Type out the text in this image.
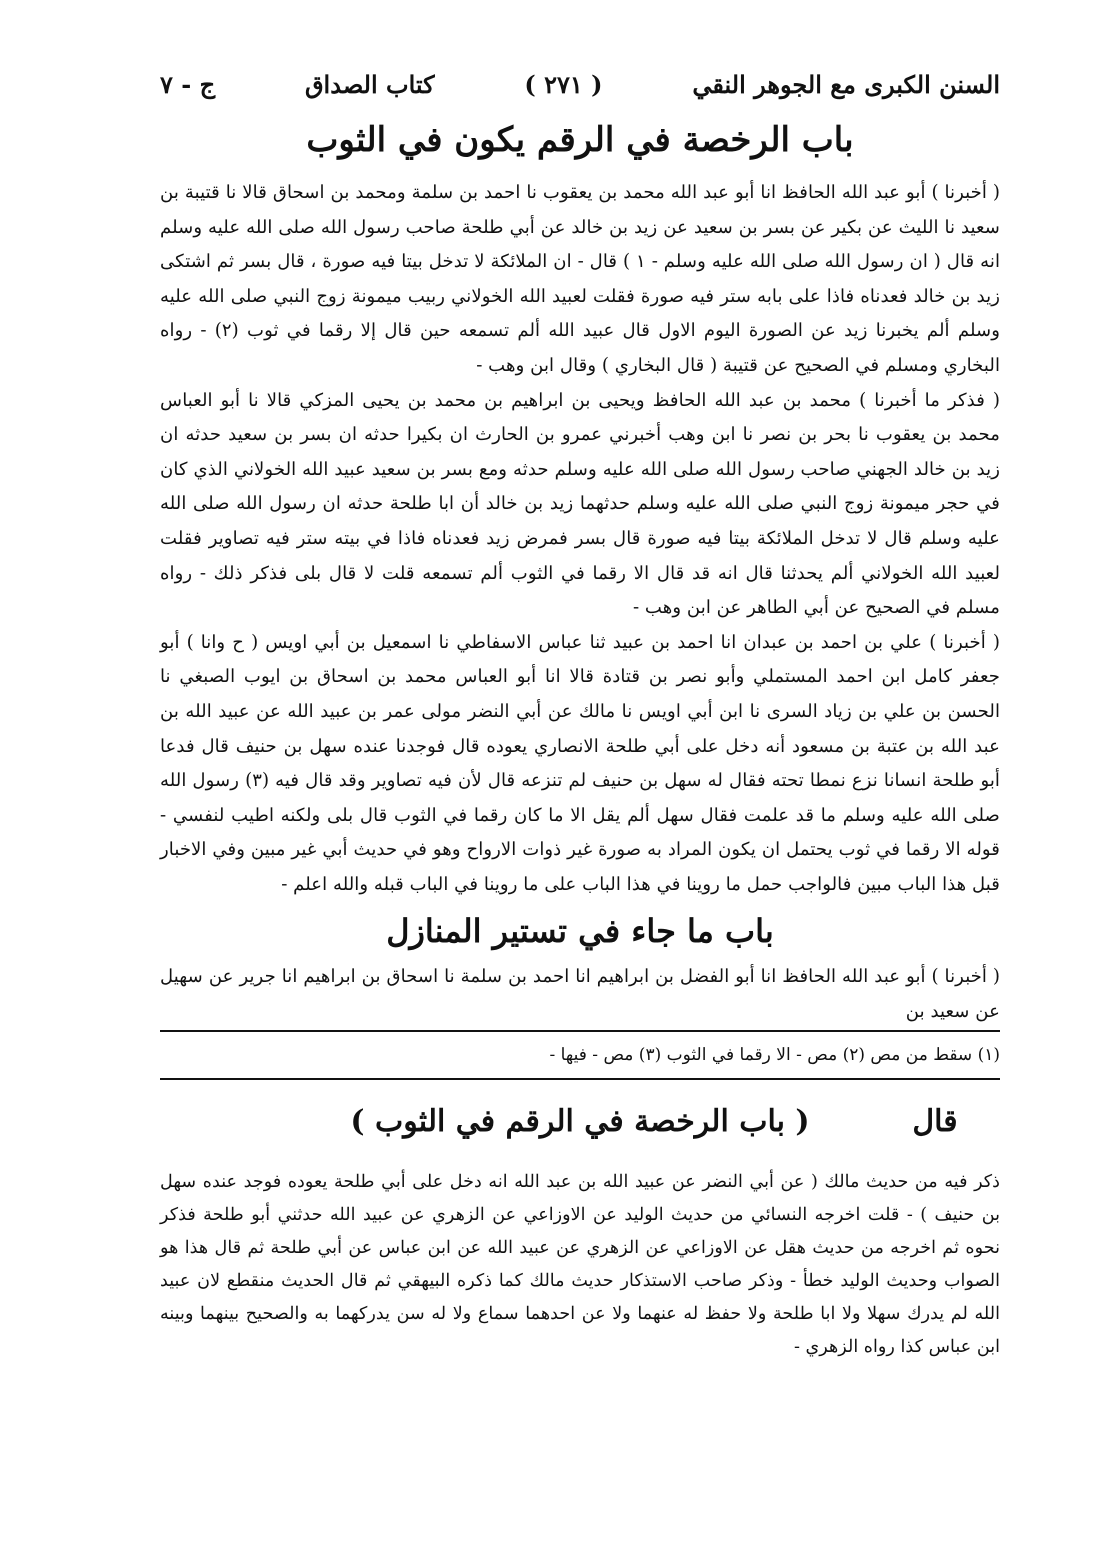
السنن الكبرى مع الجوهر النقي
( ٢٧١ )
كتاب الصداق
ج - ٧
باب الرخصة في الرقم يكون في الثوب

( أخبرنا ) أبو عبد الله الحافظ انا أبو عبد الله محمد بن يعقوب نا احمد بن سلمة ومحمد بن اسحاق قالا نا قتيبة بن سعيد نا الليث عن بكير عن بسر بن سعيد عن زيد بن خالد عن أبي طلحة صاحب رسول الله صلى الله عليه وسلم انه قال ( ان رسول الله صلى الله عليه وسلم - ١ ) قال - ان الملائكة لا تدخل بيتا فيه صورة ، قال بسر ثم اشتكى زيد بن خالد فعدناه فاذا على بابه ستر فيه صورة فقلت لعبيد الله الخولاني ربيب ميمونة زوج النبي صلى الله عليه وسلم ألم يخبرنا زيد عن الصورة اليوم الاول قال عبيد الله ألم تسمعه حين قال إلا رقما في ثوب (٢) - رواه البخاري ومسلم في الصحيح عن قتيبة ( قال البخاري ) وقال ابن وهب -

( فذكر ما أخبرنا ) محمد بن عبد الله الحافظ ويحيى بن ابراهيم بن محمد بن يحيى المزكي قالا نا أبو العباس محمد بن يعقوب نا بحر بن نصر نا ابن وهب أخبرني عمرو بن الحارث ان بكيرا حدثه ان بسر بن سعيد حدثه ان زيد بن خالد الجهني صاحب رسول الله صلى الله عليه وسلم حدثه ومع بسر بن سعيد عبيد الله الخولاني الذي كان في حجر ميمونة زوج النبي صلى الله عليه وسلم حدثهما زيد بن خالد أن ابا طلحة حدثه ان رسول الله صلى الله عليه وسلم قال لا تدخل الملائكة بيتا فيه صورة قال بسر فمرض زيد فعدناه فاذا في بيته ستر فيه تصاوير فقلت لعبيد الله الخولاني ألم يحدثنا قال انه قد قال الا رقما في الثوب ألم تسمعه قلت لا قال بلى فذكر ذلك - رواه مسلم في الصحيح عن أبي الطاهر عن ابن وهب -

( أخبرنا ) علي بن احمد بن عبدان انا احمد بن عبيد ثنا عباس الاسفاطي نا اسمعيل بن أبي اويس ( ح وانا ) أبو جعفر كامل ابن احمد المستملي وأبو نصر بن قتادة قالا انا أبو العباس محمد بن اسحاق بن ايوب الصبغي نا الحسن بن علي بن زياد السرى نا ابن أبي اويس نا مالك عن أبي النضر مولى عمر بن عبيد الله عن عبيد الله بن عبد الله بن عتبة بن مسعود أنه دخل على أبي طلحة الانصاري يعوده قال فوجدنا عنده سهل بن حنيف قال فدعا أبو طلحة انسانا نزع نمطا تحته فقال له سهل بن حنيف لم تنزعه قال لأن فيه تصاوير وقد قال فيه (٣) رسول الله صلى الله عليه وسلم ما قد علمت فقال سهل ألم يقل الا ما كان رقما في الثوب قال بلى ولكنه اطيب لنفسي - قوله الا رقما في ثوب يحتمل ان يكون المراد به صورة غير ذوات الارواح وهو في حديث أبي غير مبين وفي الاخبار قبل هذا الباب مبين فالواجب حمل ما روينا في هذا الباب على ما روينا في الباب قبله والله اعلم -

باب ما جاء في تستير المنازل

( أخبرنا ) أبو عبد الله الحافظ انا أبو الفضل بن ابراهيم انا احمد بن سلمة نا اسحاق بن ابراهيم انا جرير عن سهيل عن سعيد بن

(١) سقط من مص (٢) مص - الا رقما في الثوب (٣) مص - فيها -
قال
( باب الرخصة في الرقم في الثوب )

ذكر فيه من حديث مالك ( عن أبي النضر عن عبيد الله بن عبد الله انه دخل على أبي طلحة يعوده فوجد عنده سهل بن حنيف ) - قلت اخرجه النسائي من حديث الوليد عن الاوزاعي عن الزهري عن عبيد الله حدثني أبو طلحة فذكر نحوه ثم اخرجه من حديث هقل عن الاوزاعي عن الزهري عن عبيد الله عن ابن عباس عن أبي طلحة ثم قال هذا هو الصواب وحديث الوليد خطأ - وذكر صاحب الاستذكار حديث مالك كما ذكره البيهقي ثم قال الحديث منقطع لان عبيد الله لم يدرك سهلا ولا ابا طلحة ولا حفظ له عنهما ولا عن احدهما سماع ولا له سن يدركهما به والصحيح بينهما وبينه ابن عباس كذا رواه الزهري -
